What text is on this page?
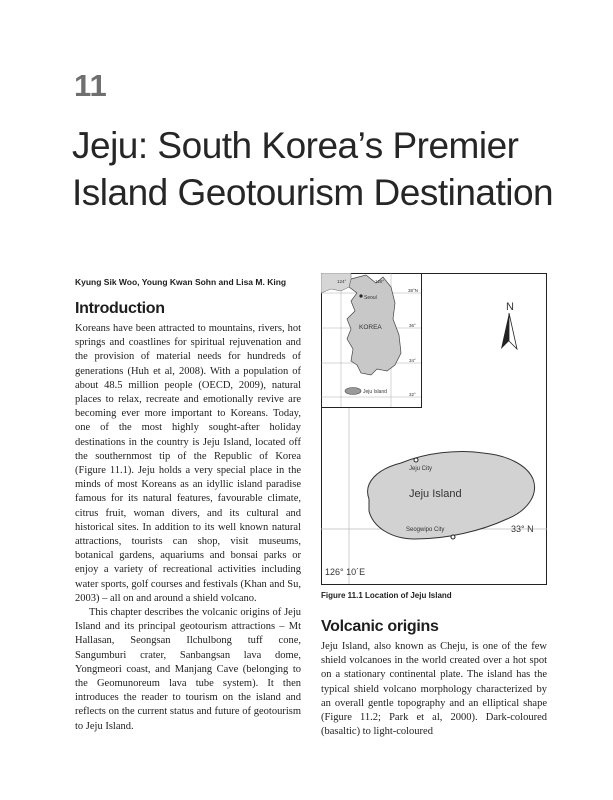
11
Jeju: South Korea’s Premier Island Geotourism Destination

Kyung Sik Woo, Young Kwan Sohn and Lisa M. King

Introduction

Koreans have been attracted to mountains, rivers, hot springs and coastlines for spiritual rejuvenation and the provision of material needs for hundreds of generations (Huh et al, 2008). With a population of about 48.5 million people (OECD, 2009), natural places to relax, recreate and emotionally revive are becoming ever more important to Koreans. Today, one of the most highly sought-after holiday destinations in the country is Jeju Island, located off the southernmost tip of the Republic of Korea (Figure 11.1). Jeju holds a very special place in the minds of most Koreans as an idyllic island paradise famous for its natural features, favourable climate, citrus fruit, woman divers, and its cultural and historical sites. In addition to its well known natural attractions, tourists can shop, visit museums, botanical gardens, aquariums and bonsai parks or enjoy a variety of recreational activities including water sports, golf courses and festivals (Khan and Su, 2003) – all on and around a shield volcano.

This chapter describes the volcanic origins of Jeju Island and its principal geotourism attractions – Mt Hallasan, Seongsan Ilchulbong tuff cone, Sangumburi crater, Sanbangsan lava dome, Yongmeori coast, and Manjang Cave (belonging to the Geomunoreum lava tube system). It then introduces the reader to tourism on the island and reflects on the current status and future of geotourism to Jeju Island.

124°	128°
38°N
36°
34°
32°
Seoul
KOREA
Jeju Island
N
Jeju City
Jeju Island
Seogwipo City	33° N
126° 10´E

Figure 11.1 Location of Jeju Island

Volcanic origins

Jeju Island, also known as Cheju, is one of the few shield volcanoes in the world created over a hot spot on a stationary continental plate. The island has the typical shield volcano morphology characterized by an overall gentle topography and an elliptical shape (Figure 11.2; Park et al, 2000). Dark-coloured (basaltic) to light-coloured
